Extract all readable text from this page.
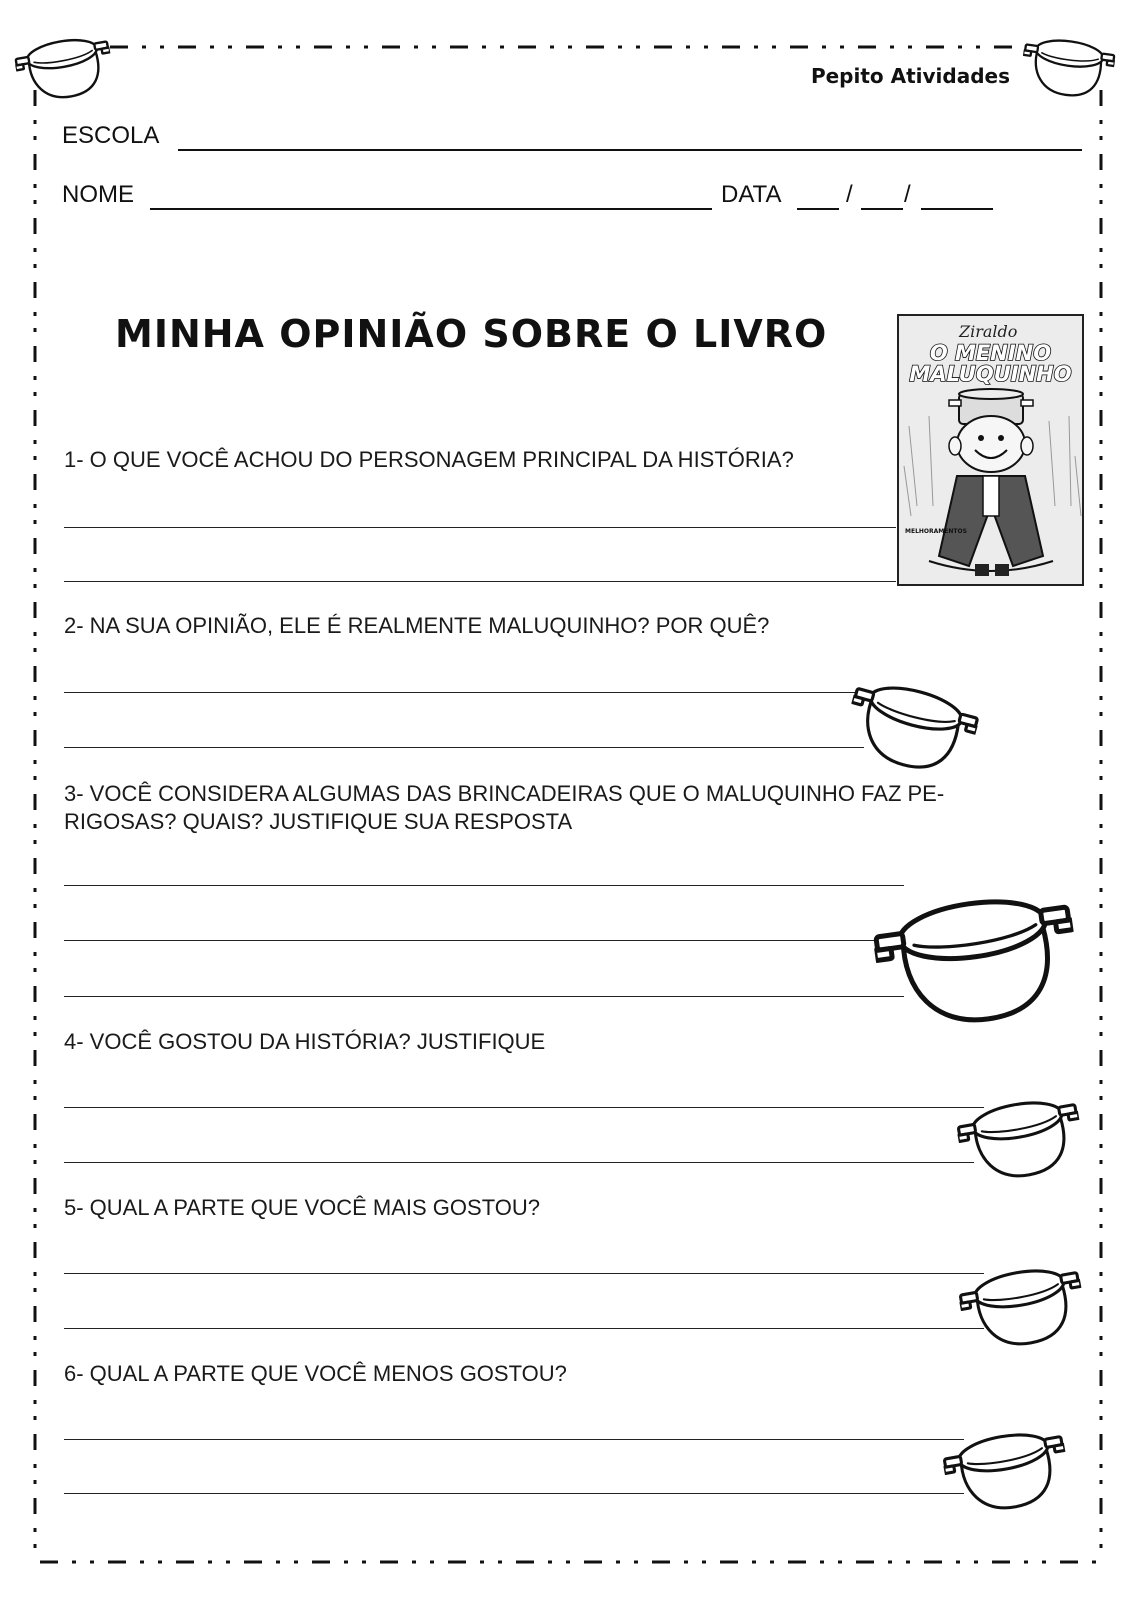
Pepito Atividades
ESCOLA
NOME	DATA	/ /
MINHA OPINIÃO SOBRE O LIVRO	Ziraldo
O MENINO
MALUQUINHO
MELHORAMENTOS
1- O QUE VOCÊ ACHOU DO PERSONAGEM PRINCIPAL DA HISTÓRIA?
2- NA SUA OPINIÃO, ELE É REALMENTE MALUQUINHO? POR QUÊ?
3- VOCÊ CONSIDERA ALGUMAS DAS BRINCADEIRAS QUE O MALUQUINHO FAZ PE-
RIGOSAS? QUAIS? JUSTIFIQUE SUA RESPOSTA
4- VOCÊ GOSTOU DA HISTÓRIA? JUSTIFIQUE
5- QUAL A PARTE QUE VOCÊ MAIS GOSTOU?
6- QUAL A PARTE QUE VOCÊ MENOS GOSTOU?
